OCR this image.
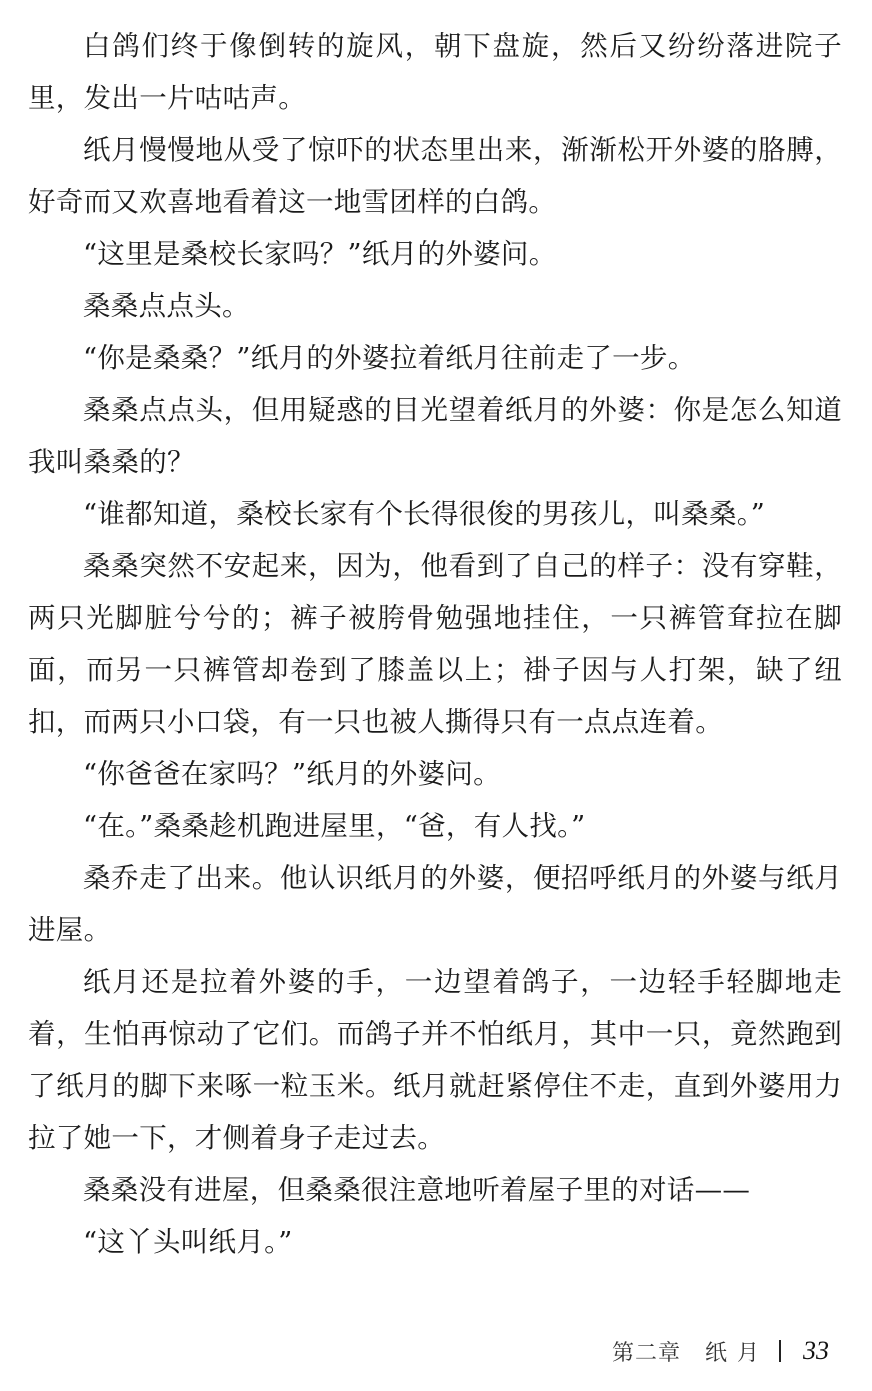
白鸽们终于像倒转的旋风，朝下盘旋，然后又纷纷落进院子里，发出一片咕咕声。

纸月慢慢地从受了惊吓的状态里出来，渐渐松开外婆的胳膊，好奇而又欢喜地看着这一地雪团样的白鸽。

“这里是桑校长家吗？”纸月的外婆问。

桑桑点点头。

“你是桑桑？”纸月的外婆拉着纸月往前走了一步。

桑桑点点头，但用疑惑的目光望着纸月的外婆：你是怎么知道我叫桑桑的？

“谁都知道，桑校长家有个长得很俊的男孩儿，叫桑桑。”

桑桑突然不安起来，因为，他看到了自己的样子：没有穿鞋，两只光脚脏兮兮的；裤子被胯骨勉强地挂住，一只裤管耷拉在脚面，而另一只裤管却卷到了膝盖以上；褂子因与人打架，缺了纽扣，而两只小口袋，有一只也被人撕得只有一点点连着。

“你爸爸在家吗？”纸月的外婆问。

“在。”桑桑趁机跑进屋里，“爸，有人找。”

桑乔走了出来。他认识纸月的外婆，便招呼纸月的外婆与纸月进屋。

纸月还是拉着外婆的手，一边望着鸽子，一边轻手轻脚地走着，生怕再惊动了它们。而鸽子并不怕纸月，其中一只，竟然跑到了纸月的脚下来啄一粒玉米。纸月就赶紧停住不走，直到外婆用力拉了她一下，才侧着身子走过去。

桑桑没有进屋，但桑桑很注意地听着屋子里的对话——

“这丫头叫纸月。”

第二章 纸月 33
